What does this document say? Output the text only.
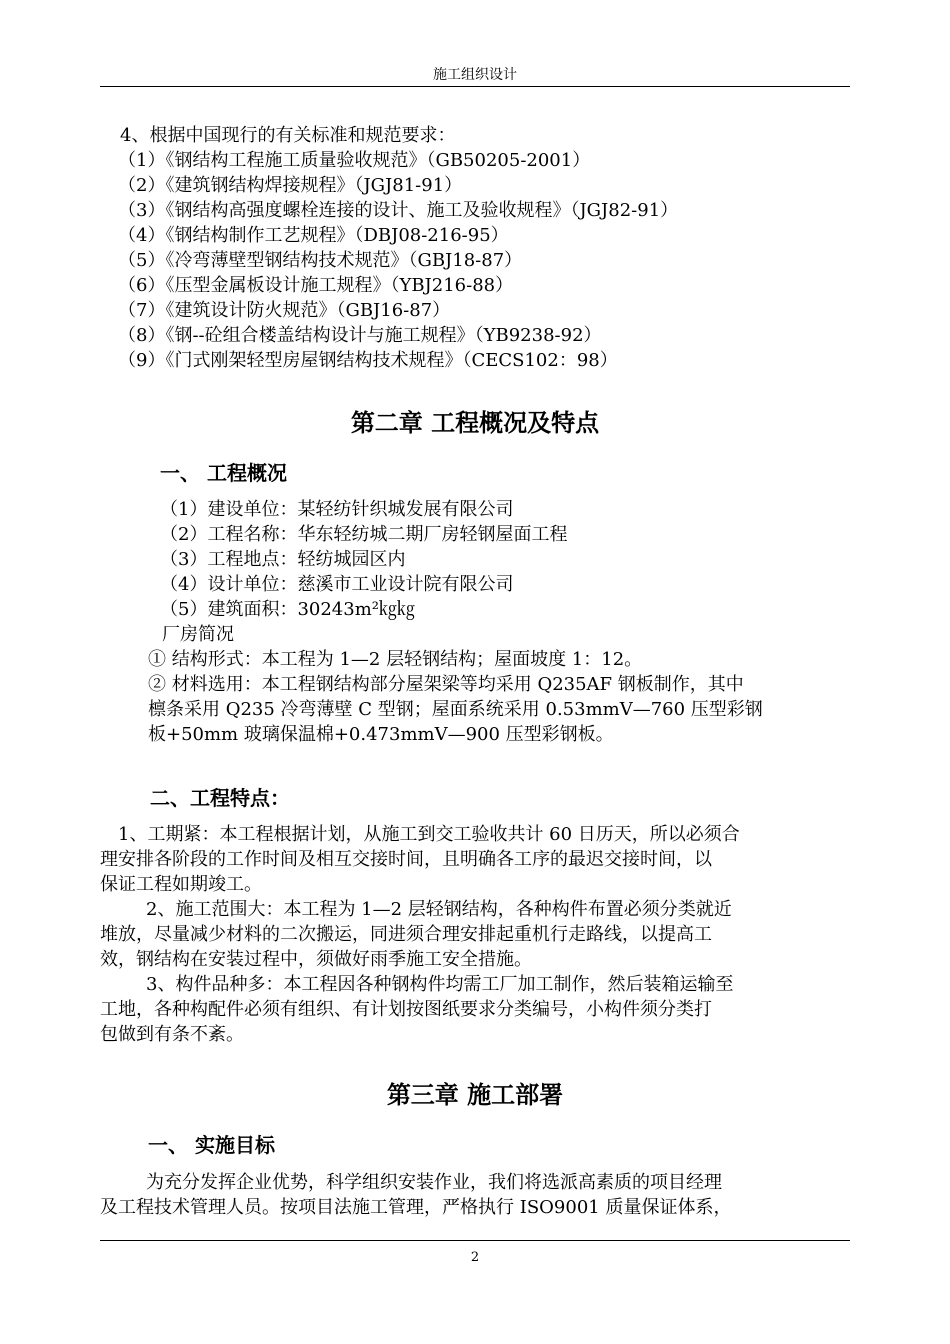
施工组织设计
4、根据中国现行的有关标准和规范要求：
（1）《钢结构工程施工质量验收规范》（GB50205-2001）
（2）《建筑钢结构焊接规程》（JGJ81-91）
（3）《钢结构高强度螺栓连接的设计、施工及验收规程》（JGJ82-91）
（4）《钢结构制作工艺规程》（DBJ08-216-95）
（5）《冷弯薄壁型钢结构技术规范》（GBJ18-87）
（6）《压型金属板设计施工规程》（YBJ216-88）
（7）《建筑设计防火规范》（GBJ16-87）
（8）《钢--砼组合楼盖结构设计与施工规程》（YB9238-92）
（9）《门式刚架轻型房屋钢结构技术规程》（CECS102：98）
第二章 工程概况及特点
一、 工程概况
（1）建设单位：某轻纺针织城发展有限公司
（2）工程名称：华东轻纺城二期厂房轻钢屋面工程
（3）工程地点：轻纺城园区内
（4）设计单位：慈溪市工业设计院有限公司
（5）建筑面积：30243m²㎏㎏
厂房简况
① 结构形式：本工程为 1—2 层轻钢结构；屋面坡度 1：12。
② 材料选用：本工程钢结构部分屋架梁等均采用 Q235AF 钢板制作，其中
檩条采用 Q235 冷弯薄壁 C 型钢；屋面系统采用 0.53mmV—760 压型彩钢
板+50mm 玻璃保温棉+0.473mmV—900 压型彩钢板。
二、工程特点：
1、工期紧：本工程根据计划，从施工到交工验收共计 60 日历天，所以必须合
理安排各阶段的工作时间及相互交接时间，且明确各工序的最迟交接时间，以
保证工程如期竣工。
2、施工范围大：本工程为 1—2 层轻钢结构，各种构件布置必须分类就近
堆放，尽量减少材料的二次搬运，同进须合理安排起重机行走路线，以提高工
效，钢结构在安装过程中，须做好雨季施工安全措施。
3、构件品种多：本工程因各种钢构件均需工厂加工制作，然后装箱运输至
工地，各种构配件必须有组织、有计划按图纸要求分类编号，小构件须分类打
包做到有条不紊。
第三章 施工部署
一、 实施目标
为充分发挥企业优势，科学组织安装作业，我们将选派高素质的项目经理
及工程技术管理人员。按项目法施工管理，严格执行 ISO9001 质量保证体系，
2
